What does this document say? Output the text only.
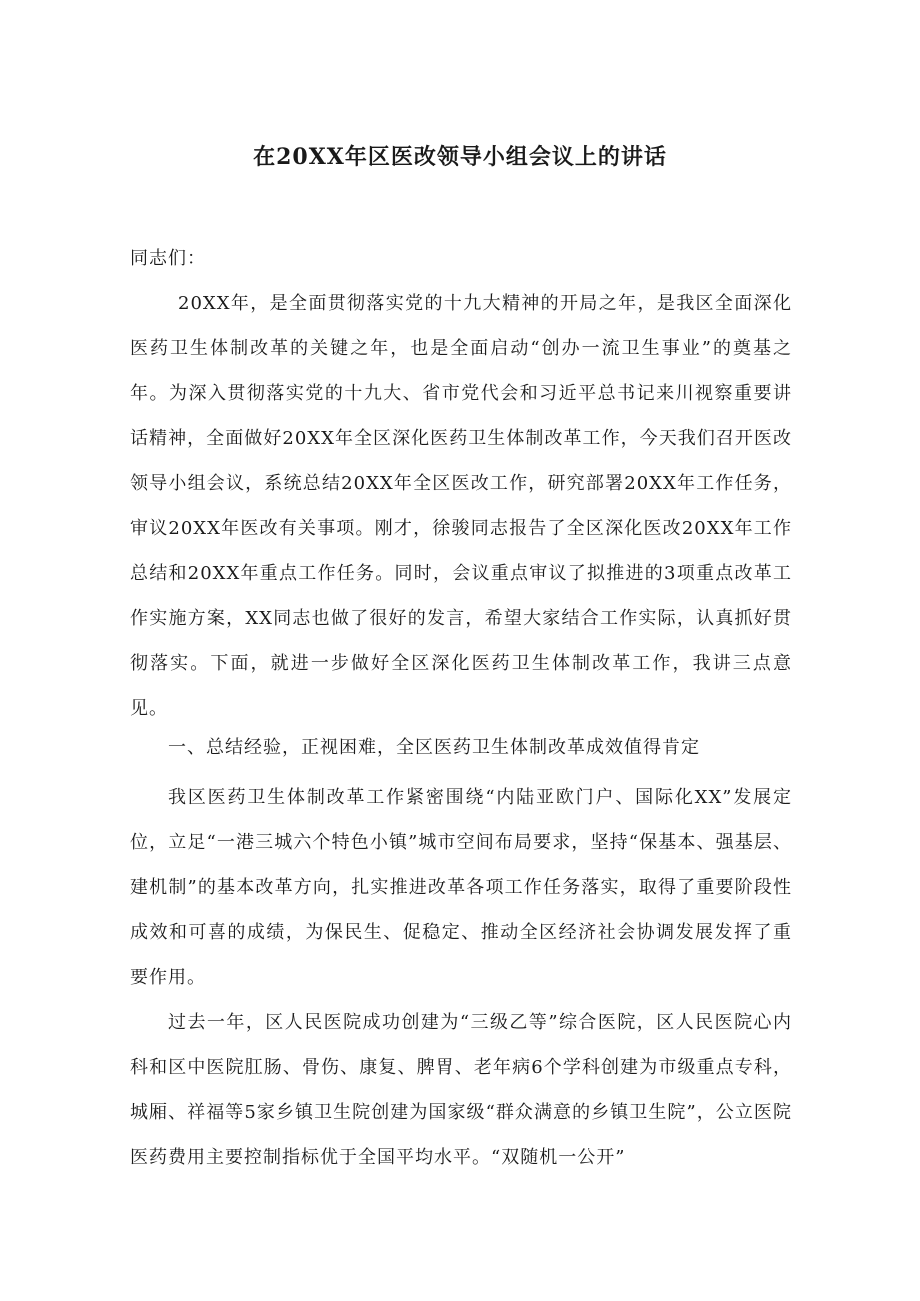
在20XX年区医改领导小组会议上的讲话

同志们：

20XX年，是全面贯彻落实党的十九大精神的开局之年，是我区全面深化医药卫生体制改革的关键之年，也是全面启动“创办一流卫生事业”的奠基之年。为深入贯彻落实党的十九大、省市党代会和习近平总书记来川视察重要讲话精神，全面做好20XX年全区深化医药卫生体制改革工作，今天我们召开医改领导小组会议，系统总结20XX年全区医改工作，研究部署20XX年工作任务，审议20XX年医改有关事项。刚才，徐骏同志报告了全区深化医改20XX年工作总结和20XX年重点工作任务。同时，会议重点审议了拟推进的3项重点改革工作实施方案，XX同志也做了很好的发言，希望大家结合工作实际，认真抓好贯彻落实。下面，就进一步做好全区深化医药卫生体制改革工作，我讲三点意见。

一、总结经验，正视困难，全区医药卫生体制改革成效值得肯定

我区医药卫生体制改革工作紧密围绕“内陆亚欧门户、国际化XX”发展定位，立足“一港三城六个特色小镇”城市空间布局要求，坚持“保基本、强基层、建机制”的基本改革方向，扎实推进改革各项工作任务落实，取得了重要阶段性成效和可喜的成绩，为保民生、促稳定、推动全区经济社会协调发展发挥了重要作用。

过去一年，区人民医院成功创建为“三级乙等”综合医院，区人民医院心内科和区中医院肛肠、骨伤、康复、脾胃、老年病6个学科创建为市级重点专科，城厢、祥福等5家乡镇卫生院创建为国家级“群众满意的乡镇卫生院”，公立医院医药费用主要控制指标优于全国平均水平。“双随机一公开”
